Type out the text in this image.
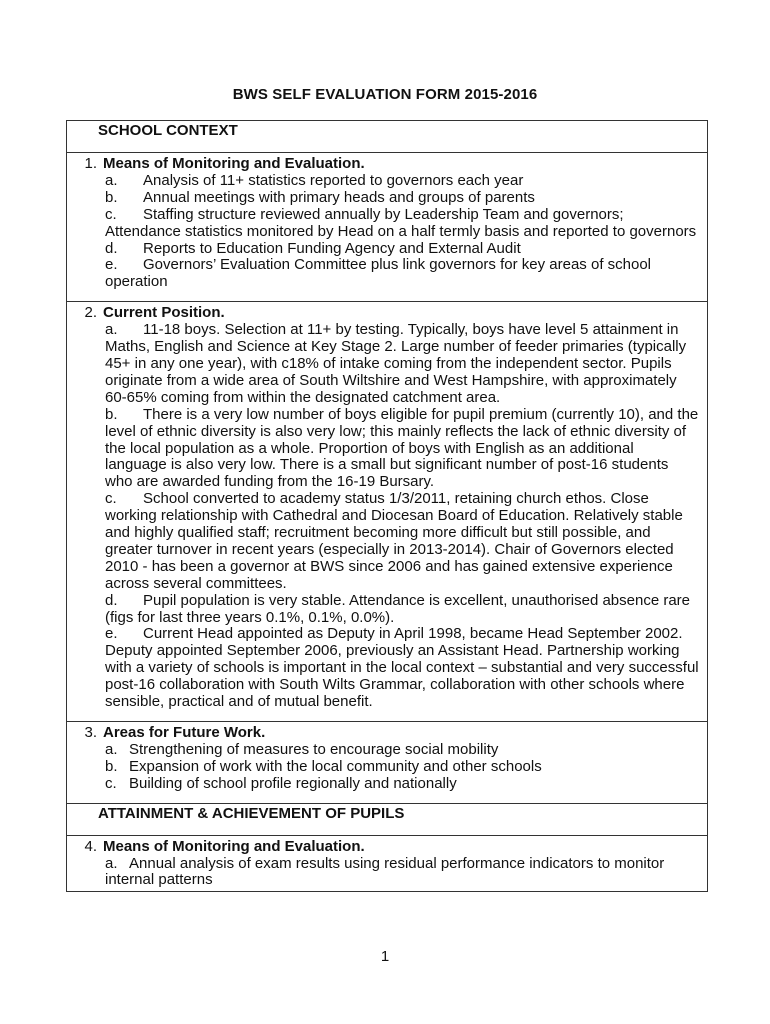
BWS SELF EVALUATION FORM 2015-2016
SCHOOL CONTEXT
1. Means of Monitoring and Evaluation.
a. Analysis of 11+ statistics reported to governors each year
b. Annual meetings with primary heads and groups of parents
c. Staffing structure reviewed annually by Leadership Team and governors; Attendance statistics monitored by Head on a half termly basis and reported to governors
d. Reports to Education Funding Agency and External Audit
e. Governors’ Evaluation Committee plus link governors for key areas of school operation
2. Current Position.
a. 11-18 boys. Selection at 11+ by testing. Typically, boys have level 5 attainment in Maths, English and Science at Key Stage 2. Large number of feeder primaries (typically 45+ in any one year), with c18% of intake coming from the independent sector. Pupils originate from a wide area of South Wiltshire and West Hampshire, with approximately 60-65% coming from within the designated catchment area.
b. There is a very low number of boys eligible for pupil premium (currently 10), and the level of ethnic diversity is also very low; this mainly reflects the lack of ethnic diversity of the local population as a whole. Proportion of boys with English as an additional language is also very low. There is a small but significant number of post-16 students who are awarded funding from the 16-19 Bursary.
c. School converted to academy status 1/3/2011, retaining church ethos. Close working relationship with Cathedral and Diocesan Board of Education. Relatively stable and highly qualified staff; recruitment becoming more difficult but still possible, and greater turnover in recent years (especially in 2013-2014). Chair of Governors elected 2010 - has been a governor at BWS since 2006 and has gained extensive experience across several committees.
d. Pupil population is very stable. Attendance is excellent, unauthorised absence rare (figs for last three years 0.1%, 0.1%, 0.0%).
e. Current Head appointed as Deputy in April 1998, became Head September 2002. Deputy appointed September 2006, previously an Assistant Head. Partnership working with a variety of schools is important in the local context – substantial and very successful post-16 collaboration with South Wilts Grammar, collaboration with other schools where sensible, practical and of mutual benefit.
3. Areas for Future Work.
a. Strengthening of measures to encourage social mobility
b. Expansion of work with the local community and other schools
c. Building of school profile regionally and nationally
ATTAINMENT & ACHIEVEMENT OF PUPILS
4. Means of Monitoring and Evaluation.
a. Annual analysis of exam results using residual performance indicators to monitor internal patterns
1
